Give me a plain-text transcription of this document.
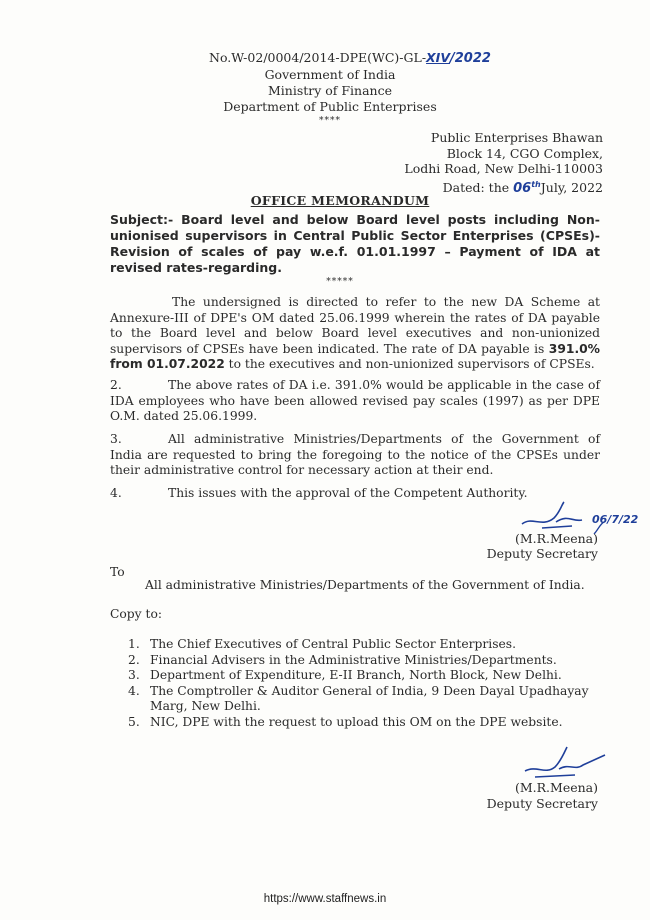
No.W-02/0004/2014-DPE(WC)-GL-XIV/2022
Government of India
Ministry of Finance
Department of Public Enterprises
****
Public Enterprises Bhawan
Block 14, CGO Complex,
Lodhi Road, New Delhi-110003
Dated: the 06thJuly, 2022
OFFICE MEMORANDUM
Subject:- Board level and below Board level posts including Non-unionised supervisors in Central Public Sector Enterprises (CPSEs)-Revision of scales of pay w.e.f. 01.01.1997 – Payment of IDA at revised rates-regarding.
*****
The undersigned is directed to refer to the new DA Scheme at Annexure-III of DPE's OM dated 25.06.1999 wherein the rates of DA payable to the Board level and below Board level executives and non-unionized supervisors of CPSEs have been indicated. The rate of DA payable is 391.0% from 01.07.2022 to the executives and non-unionized supervisors of CPSEs.
2.	The above rates of DA i.e. 391.0% would be applicable in the case of IDA employees who have been allowed revised pay scales (1997) as per DPE O.M. dated 25.06.1999.
3.	All administrative Ministries/Departments of the Government of India are requested to bring the foregoing to the notice of the CPSEs under their administrative control for necessary action at their end.
4.	This issues with the approval of the Competent Authority.
06/7/22
(M.R.Meena)
Deputy Secretary
To
All administrative Ministries/Departments of the Government of India.
Copy to:
1. The Chief Executives of Central Public Sector Enterprises.
2. Financial Advisers in the Administrative Ministries/Departments.
3. Department of Expenditure, E-II Branch, North Block, New Delhi.
4. The Comptroller & Auditor General of India, 9 Deen Dayal Upadhayay Marg, New Delhi.
5. NIC, DPE with the request to upload this OM on the DPE website.
(M.R.Meena)
Deputy Secretary
https://www.staffnews.in
